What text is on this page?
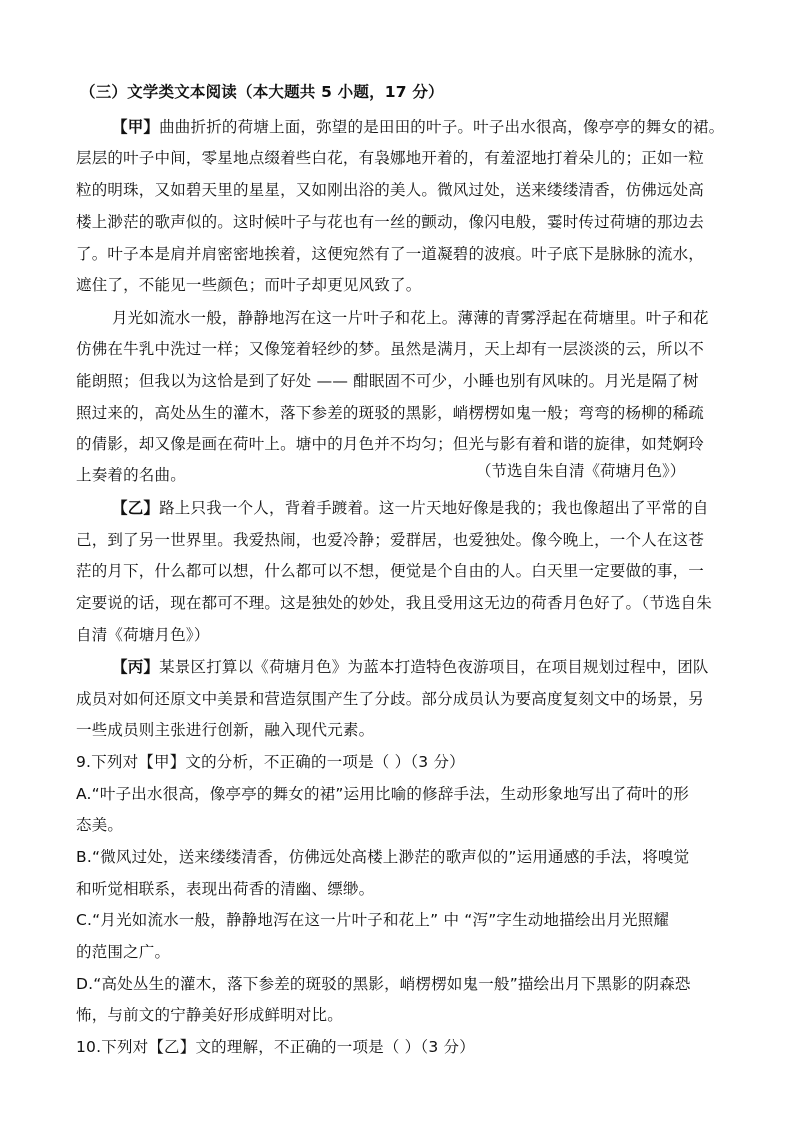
（三）文学类文本阅读（本大题共 5 小题，17 分）
【甲】曲曲折折的荷塘上面，弥望的是田田的叶子。叶子出水很高，像亭亭的舞女的裙。
层层的叶子中间，零星地点缀着些白花，有袅娜地开着的，有羞涩地打着朵儿的；正如一粒
粒的明珠，又如碧天里的星星，又如刚出浴的美人。微风过处，送来缕缕清香，仿佛远处高
楼上渺茫的歌声似的。这时候叶子与花也有一丝的颤动，像闪电般，霎时传过荷塘的那边去
了。叶子本是肩并肩密密地挨着，这便宛然有了一道凝碧的波痕。叶子底下是脉脉的流水，
遮住了，不能见一些颜色；而叶子却更见风致了。
月光如流水一般，静静地泻在这一片叶子和花上。薄薄的青雾浮起在荷塘里。叶子和花
仿佛在牛乳中洗过一样；又像笼着轻纱的梦。虽然是满月，天上却有一层淡淡的云，所以不
能朗照；但我以为这恰是到了好处 —— 酣眠固不可少，小睡也别有风味的。月光是隔了树
照过来的，高处丛生的灌木，落下参差的斑驳的黑影，峭楞楞如鬼一般；弯弯的杨柳的稀疏
的倩影，却又像是画在荷叶上。塘中的月色并不均匀；但光与影有着和谐的旋律，如梵婀玲
上奏着的名曲。	（节选自朱自清《荷塘月色》）
【乙】路上只我一个人，背着手踱着。这一片天地好像是我的；我也像超出了平常的自
己，到了另一世界里。我爱热闹，也爱冷静；爱群居，也爱独处。像今晚上，一个人在这苍
茫的月下，什么都可以想，什么都可以不想，便觉是个自由的人。白天里一定要做的事，一
定要说的话，现在都可不理。这是独处的妙处，我且受用这无边的荷香月色好了。（节选自朱
自清《荷塘月色》）
【丙】某景区打算以《荷塘月色》为蓝本打造特色夜游项目，在项目规划过程中，团队
成员对如何还原文中美景和营造氛围产生了分歧。部分成员认为要高度复刻文中的场景，另
一些成员则主张进行创新，融入现代元素。
9.下列对【甲】文的分析，不正确的一项是（ ）（3 分）
A.“叶子出水很高，像亭亭的舞女的裙”运用比喻的修辞手法，生动形象地写出了荷叶的形
态美。
B.“微风过处，送来缕缕清香，仿佛远处高楼上渺茫的歌声似的”运用通感的手法，将嗅觉
和听觉相联系，表现出荷香的清幽、缥缈。
C.“月光如流水一般，静静地泻在这一片叶子和花上” 中 “泻”字生动地描绘出月光照耀
的范围之广。
D.“高处丛生的灌木，落下参差的斑驳的黑影，峭楞楞如鬼一般”描绘出月下黑影的阴森恐
怖，与前文的宁静美好形成鲜明对比。
10.下列对【乙】文的理解，不正确的一项是（ ）（3 分）
